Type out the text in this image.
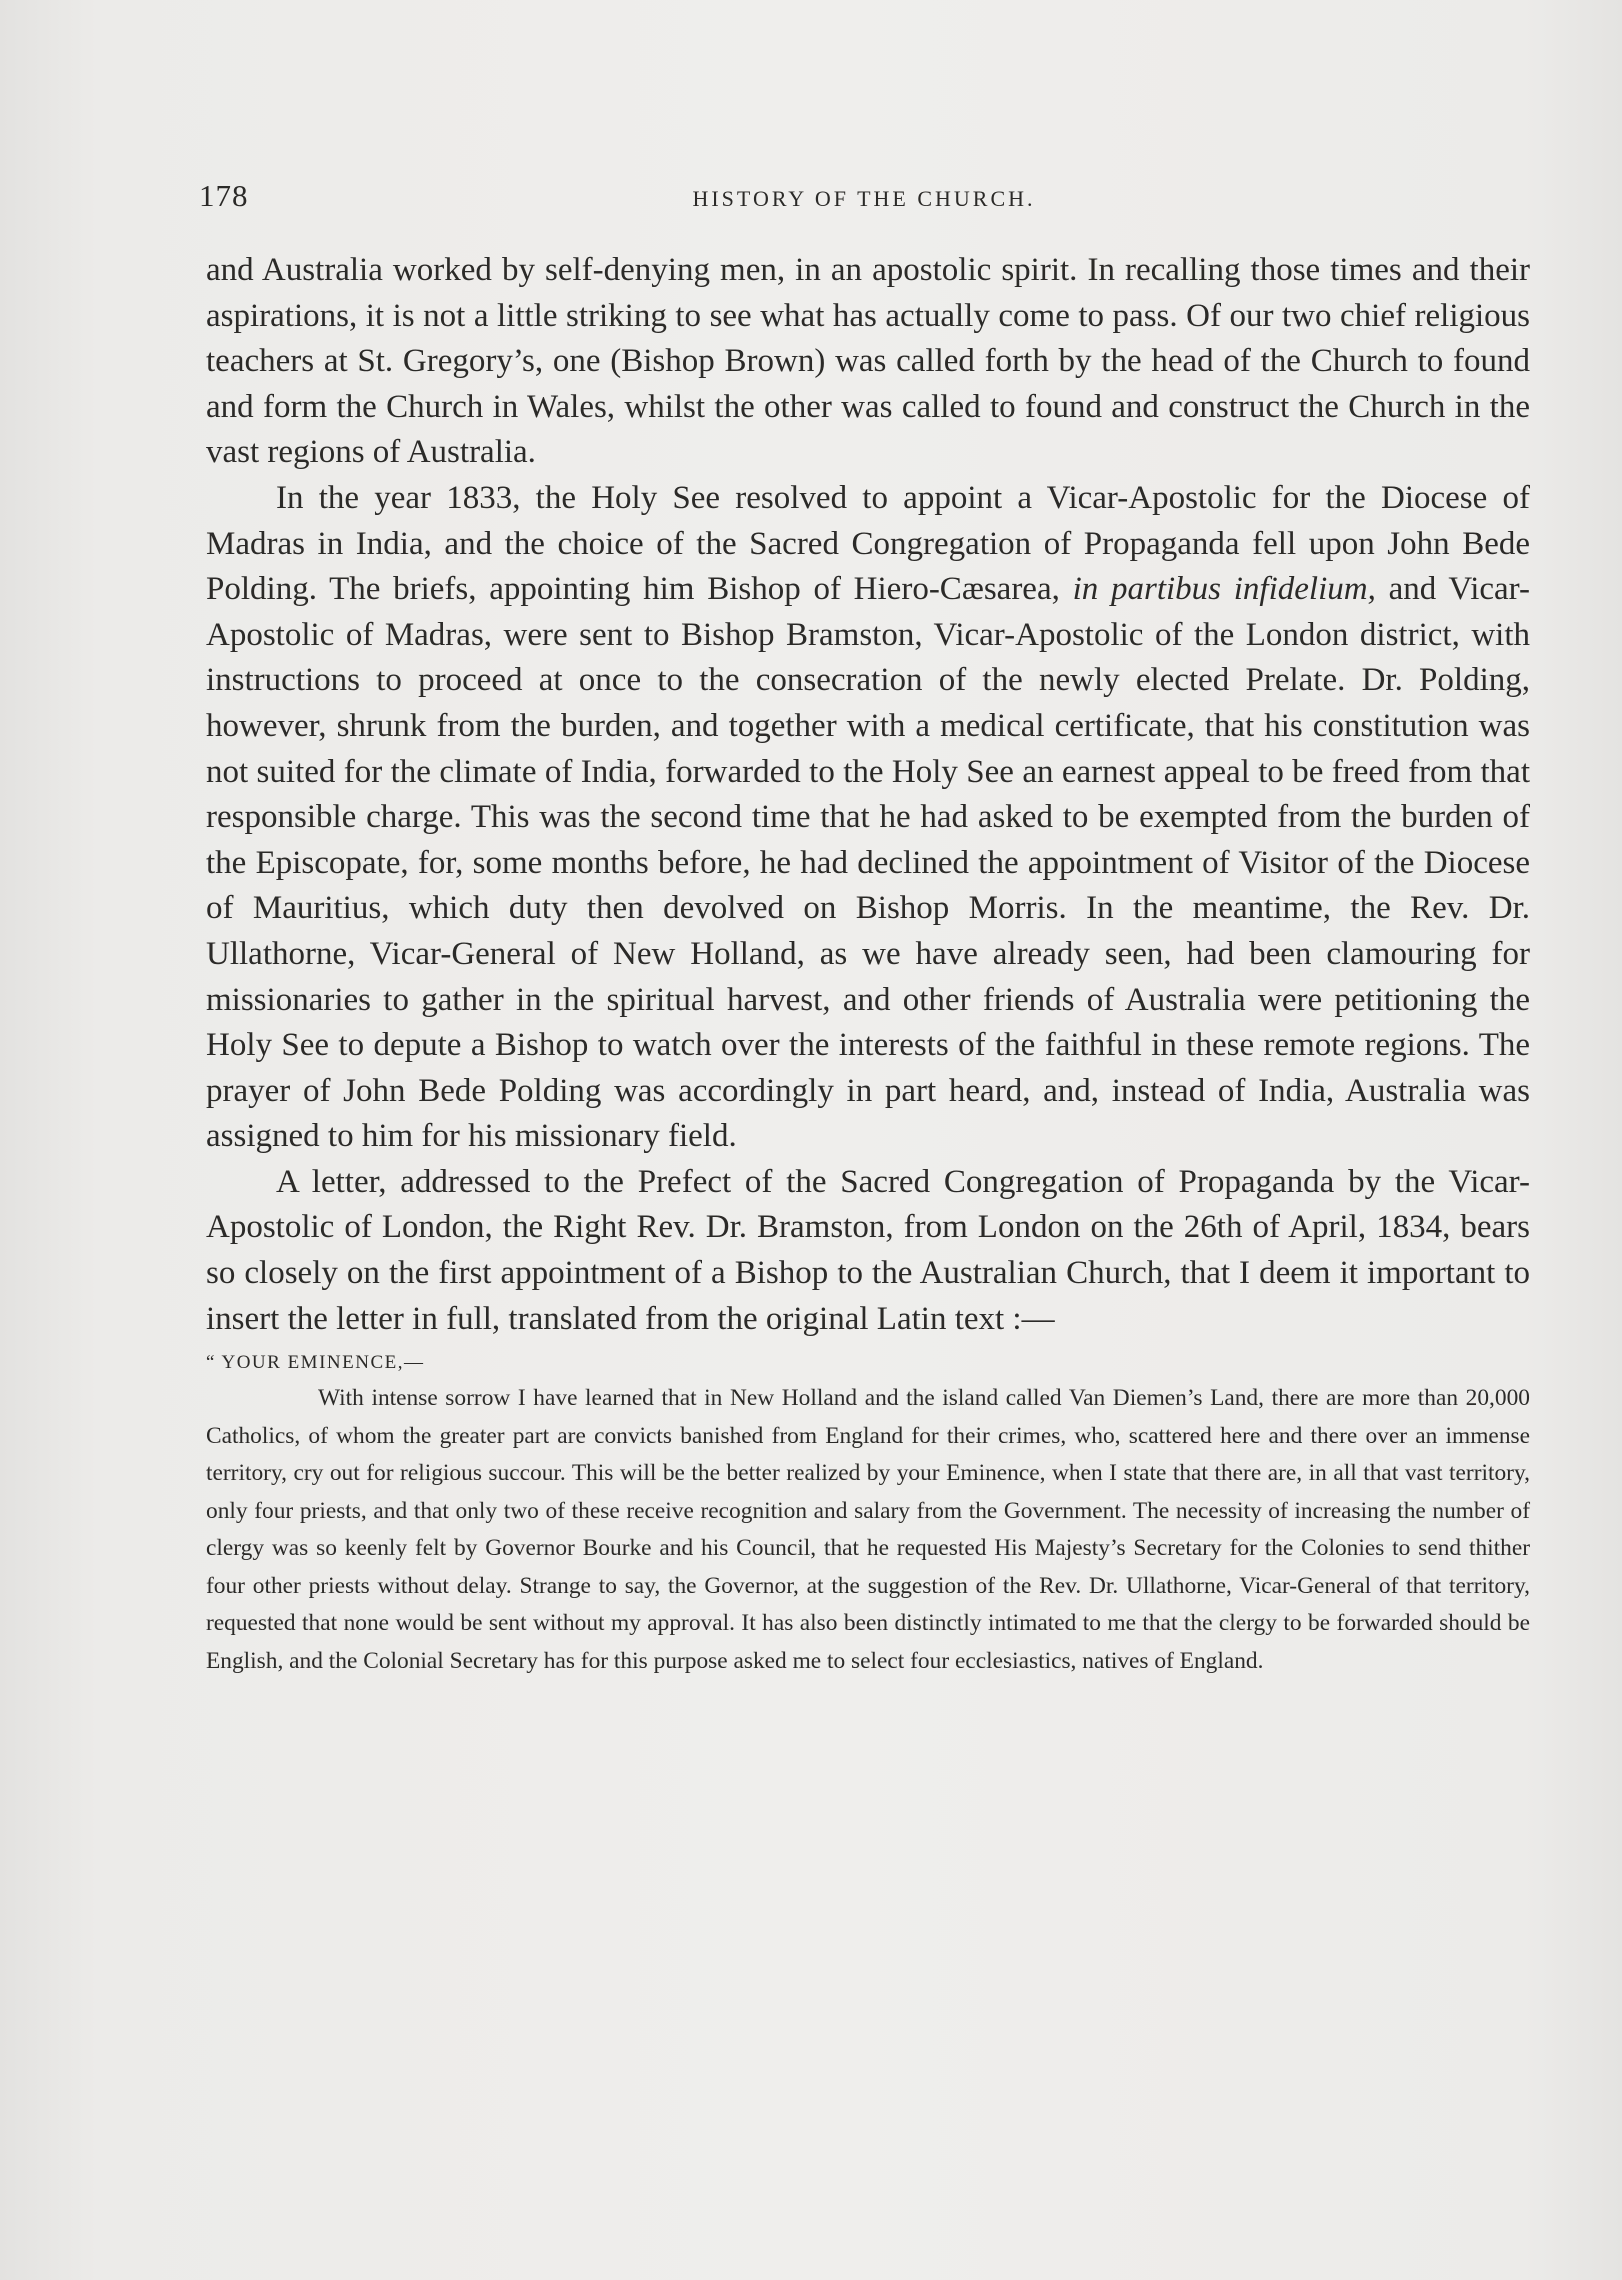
178	HISTORY OF THE CHURCH.

and Australia worked by self-denying men, in an apostolic spirit. In recalling those times and their aspirations, it is not a little striking to see what has actually come to pass. Of our two chief religious teachers at St. Gregory’s, one (Bishop Brown) was called forth by the head of the Church to found and form the Church in Wales, whilst the other was called to found and construct the Church in the vast regions of Australia.

In the year 1833, the Holy See resolved to appoint a Vicar-Apostolic for the Diocese of Madras in India, and the choice of the Sacred Congregation of Propaganda fell upon John Bede Polding. The briefs, appointing him Bishop of Hiero-Cæsarea, in partibus infidelium, and Vicar-Apostolic of Madras, were sent to Bishop Bramston, Vicar-Apostolic of the London district, with instructions to proceed at once to the consecration of the newly elected Prelate. Dr. Polding, however, shrunk from the burden, and together with a medical certificate, that his constitution was not suited for the climate of India, forwarded to the Holy See an earnest appeal to be freed from that responsible charge. This was the second time that he had asked to be exempted from the burden of the Episcopate, for, some months before, he had declined the appointment of Visitor of the Diocese of Mauritius, which duty then devolved on Bishop Morris. In the meantime, the Rev. Dr. Ullathorne, Vicar-General of New Holland, as we have already seen, had been clamouring for missionaries to gather in the spiritual harvest, and other friends of Australia were petitioning the Holy See to depute a Bishop to watch over the interests of the faithful in these remote regions. The prayer of John Bede Polding was accordingly in part heard, and, instead of India, Australia was assigned to him for his missionary field.

A letter, addressed to the Prefect of the Sacred Congregation of Propaganda by the Vicar-Apostolic of London, the Right Rev. Dr. Bramston, from London on the 26th of April, 1834, bears so closely on the first appointment of a Bishop to the Australian Church, that I deem it important to insert the letter in full, translated from the original Latin text :—

“ YOUR EMINENCE,—

With intense sorrow I have learned that in New Holland and the island called Van Diemen’s Land, there are more than 20,000 Catholics, of whom the greater part are convicts banished from England for their crimes, who, scattered here and there over an immense territory, cry out for religious succour. This will be the better realized by your Eminence, when I state that there are, in all that vast territory, only four priests, and that only two of these receive recognition and salary from the Government. The necessity of increasing the number of clergy was so keenly felt by Governor Bourke and his Council, that he requested His Majesty’s Secretary for the Colonies to send thither four other priests without delay. Strange to say, the Governor, at the suggestion of the Rev. Dr. Ullathorne, Vicar-General of that territory, requested that none would be sent without my approval. It has also been distinctly intimated to me that the clergy to be forwarded should be English, and the Colonial Secretary has for this purpose asked me to select four ecclesiastics, natives of England.
